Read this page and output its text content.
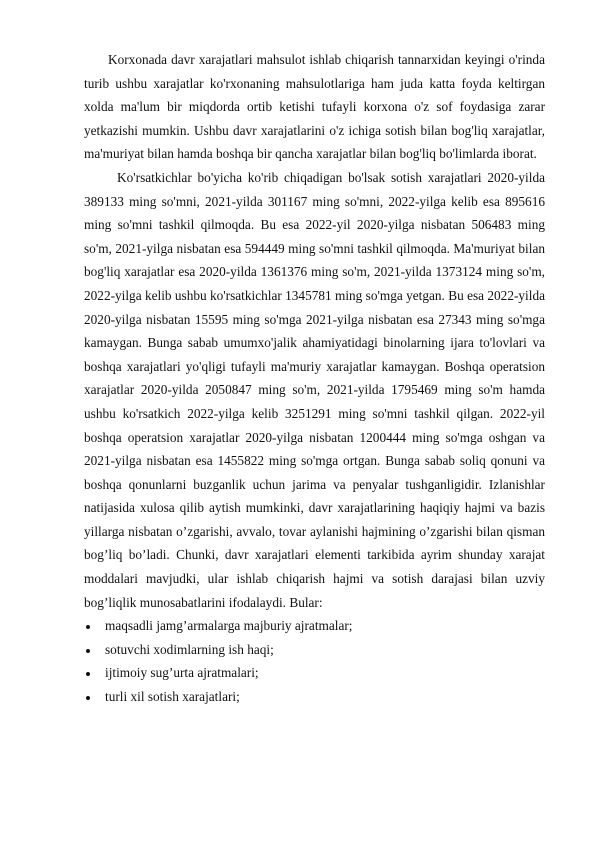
Korxonada davr xarajatlari mahsulot ishlab chiqarish tannarxidan keyingi o'rinda turib ushbu xarajatlar ko'rxonaning mahsulotlariga ham juda katta foyda keltirgan xolda ma'lum bir miqdorda ortib ketishi tufayli korxona o'z sof foydasiga zarar yetkazishi mumkin. Ushbu davr xarajatlarini o'z ichiga sotish bilan bog'liq xarajatlar, ma'muriyat bilan hamda boshqa bir qancha xarajatlar bilan bog'liq bo'limlarda iborat.

Ko'rsatkichlar bo'yicha ko'rib chiqadigan bo'lsak sotish xarajatlari 2020-yilda 389133 ming so'mni, 2021-yilda 301167 ming so'mni, 2022-yilga kelib esa 895616 ming so'mni tashkil qilmoqda. Bu esa 2022-yil 2020-yilga nisbatan 506483 ming so'm, 2021-yilga nisbatan esa 594449 ming so'mni tashkil qilmoqda. Ma'muriyat bilan bog'liq xarajatlar esa 2020-yilda 1361376 ming so'm, 2021-yilda 1373124 ming so'm, 2022-yilga kelib ushbu ko'rsatkichlar 1345781 ming so'mga yetgan. Bu esa 2022-yilda 2020-yilga nisbatan 15595 ming so'mga 2021-yilga nisbatan esa 27343 ming so'mga kamaygan. Bunga sabab umumxo'jalik ahamiyatidagi binolarning ijara to'lovlari va boshqa xarajatlari yo'qligi tufayli ma'muriy xarajatlar kamaygan. Boshqa operatsion xarajatlar 2020-yilda 2050847 ming so'm, 2021-yilda 1795469 ming so'm hamda ushbu ko'rsatkich 2022-yilga kelib 3251291 ming so'mni tashkil qilgan. 2022-yil boshqa operatsion xarajatlar 2020-yilga nisbatan 1200444 ming so'mga oshgan va 2021-yilga nisbatan esa 1455822 ming so'mga ortgan. Bunga sabab soliq qonuni va boshqa qonunlarni buzganlik uchun jarima va penyalar tushganligidir. Izlanishlar natijasida xulosa qilib aytish mumkinki, davr xarajatlarining haqiqiy hajmi va bazis yillarga nisbatan o’zgarishi, avvalo, tovar aylanishi hajmining o’zgarishi bilan qisman bog’liq bo’ladi. Chunki, davr xarajatlari elementi tarkibida ayrim shunday xarajat moddalari mavjudki, ular ishlab chiqarish hajmi va sotish darajasi bilan uzviy bog’liqlik munosabatlarini ifodalaydi. Bular:

maqsadli jamg’armalarga majburiy ajratmalar;
sotuvchi xodimlarning ish haqi;
ijtimoiy sug’urta ajratmalari;
turli xil sotish xarajatlari;
